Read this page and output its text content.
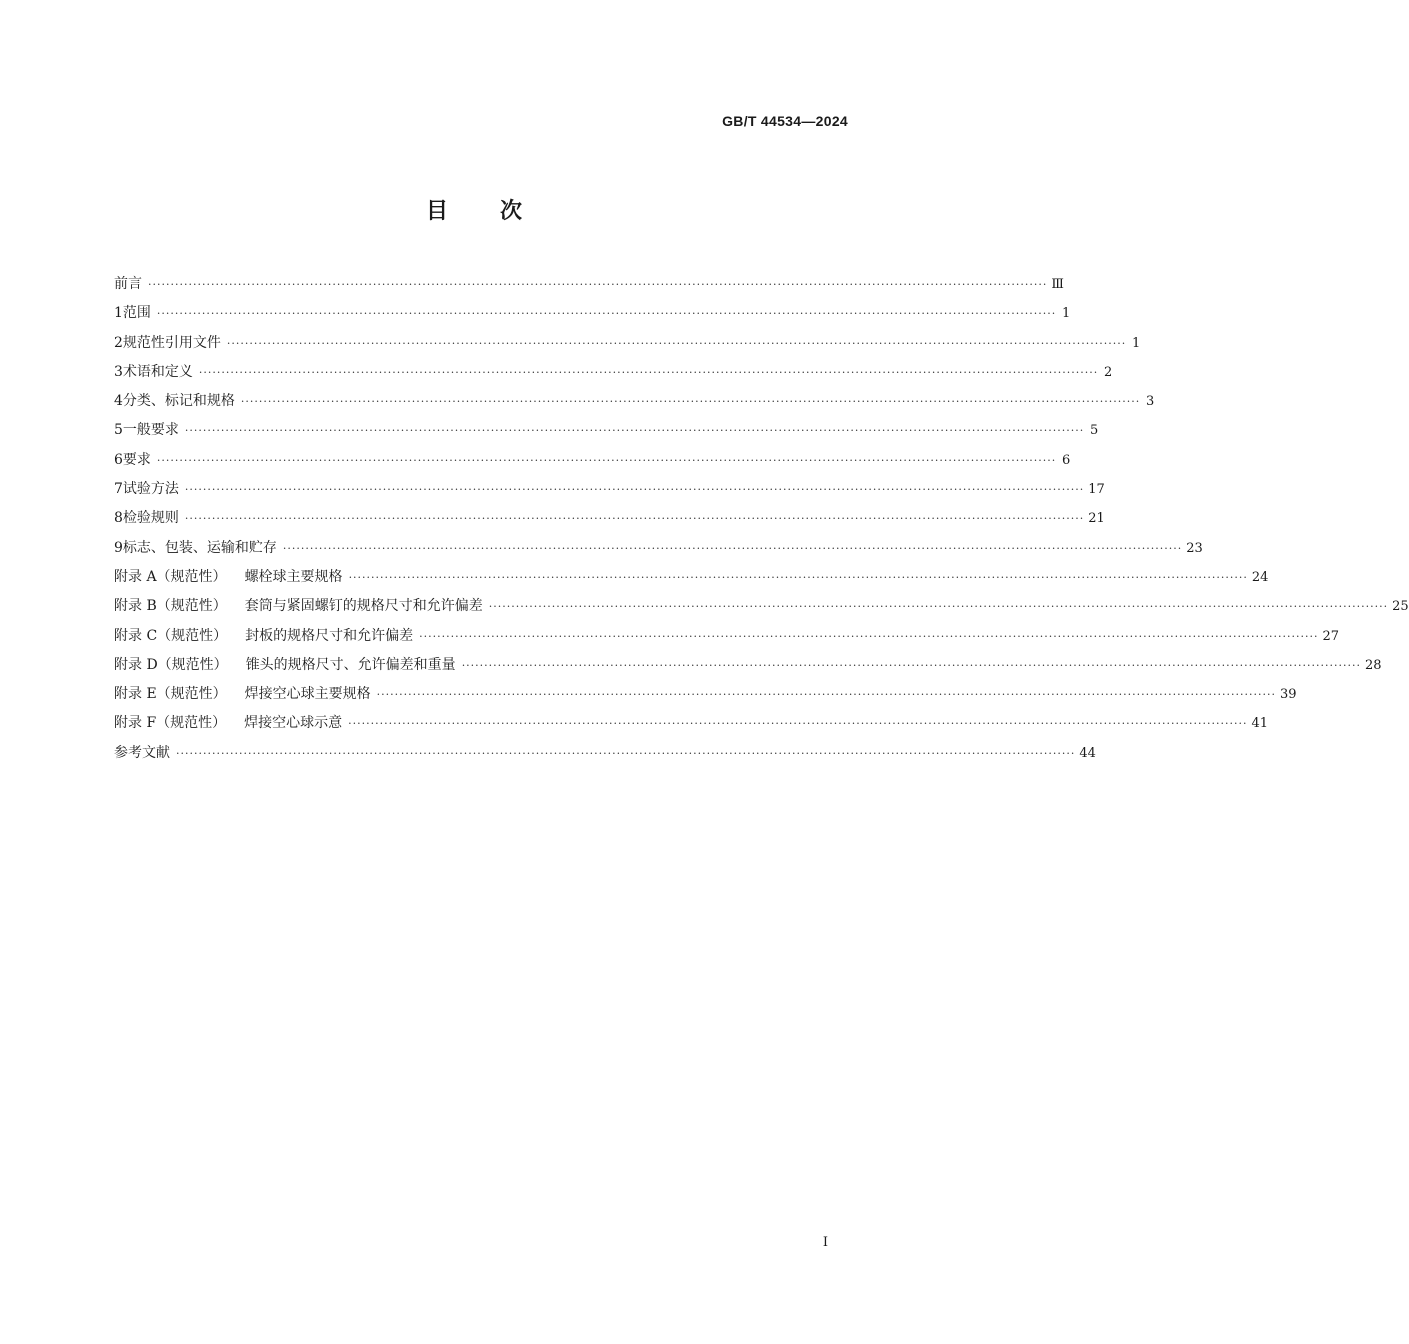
GB/T 44534—2024
目 次
前言 ········································································································································································································ Ⅲ
1 范围 ········································································································································································································ 1
2 规范性引用文件 ········································································································································································································ 1
3 术语和定义 ········································································································································································································ 2
4 分类、标记和规格 ········································································································································································································ 3
5 一般要求 ········································································································································································································ 5
6 要求 ········································································································································································································ 6
7 试验方法 ········································································································································································································ 17
8 检验规则 ········································································································································································································ 21
9 标志、包装、运输和贮存 ········································································································································································································ 23
附录 A（规范性） 螺栓球主要规格 ········································································································································································································ 24
附录 B（规范性） 套筒与紧固螺钉的规格尺寸和允许偏差 ········································································································································································································ 25
附录 C（规范性） 封板的规格尺寸和允许偏差 ········································································································································································································ 27
附录 D（规范性） 锥头的规格尺寸、允许偏差和重量 ········································································································································································································ 28
附录 E（规范性） 焊接空心球主要规格 ········································································································································································································ 39
附录 F（规范性） 焊接空心球示意 ········································································································································································································ 41
参考文献 ········································································································································································································ 44
I
